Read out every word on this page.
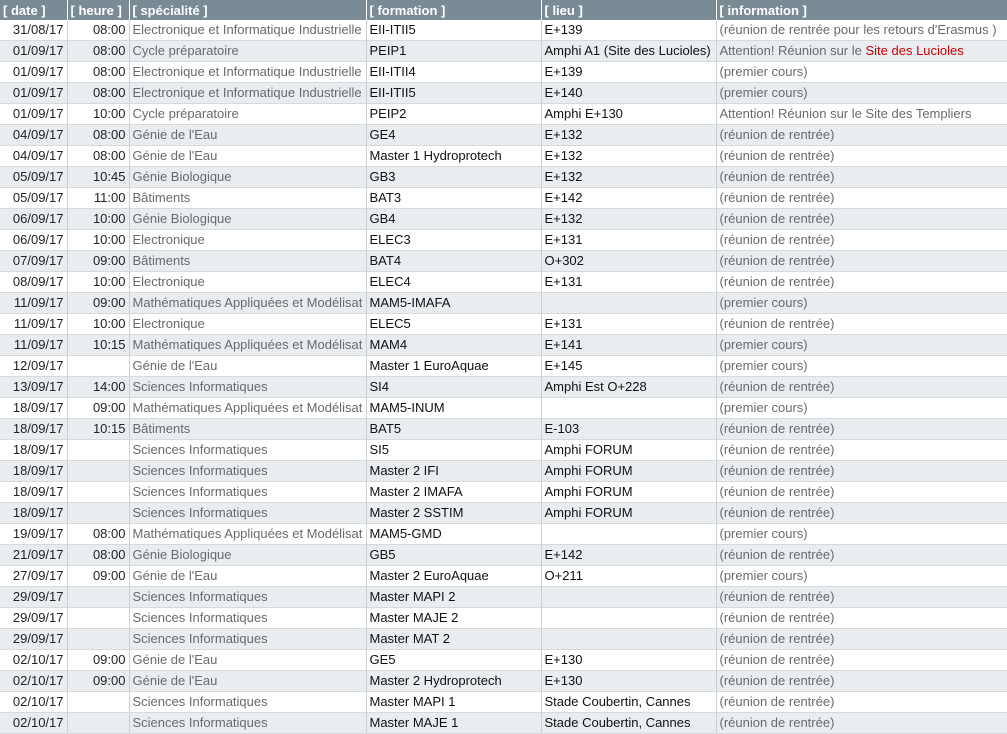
[ date ]	[ heure ]	[ spécialité ]	[ formation ]	[ lieu ]	[ information ]
31/08/17	08:00	Electronique et Informatique Industrielle	EII-ITII5	E+139	(réunion de rentrée pour les retours d'Erasmus )
01/09/17	08:00	Cycle préparatoire	PEIP1	Amphi A1 (Site des Lucioles)	Attention! Réunion sur le Site des Lucioles
01/09/17	08:00	Electronique et Informatique Industrielle	EII-ITII4	E+139	(premier cours)
01/09/17	08:00	Electronique et Informatique Industrielle	EII-ITII5	E+140	(premier cours)
01/09/17	10:00	Cycle préparatoire	PEIP2	Amphi E+130	Attention! Réunion sur le Site des Templiers
04/09/17	08:00	Génie de l'Eau	GE4	E+132	(réunion de rentrée)
04/09/17	08:00	Génie de l'Eau	Master 1 Hydroprotech	E+132	(réunion de rentrée)
05/09/17	10:45	Génie Biologique	GB3	E+132	(réunion de rentrée)
05/09/17	11:00	Bâtiments	BAT3	E+142	(réunion de rentrée)
06/09/17	10:00	Génie Biologique	GB4	E+132	(réunion de rentrée)
06/09/17	10:00	Electronique	ELEC3	E+131	(réunion de rentrée)
07/09/17	09:00	Bâtiments	BAT4	O+302	(réunion de rentrée)
08/09/17	10:00	Electronique	ELEC4	E+131	(réunion de rentrée)
11/09/17	09:00	Mathématiques Appliquées et Modélisat	MAM5-IMAFA		(premier cours)
11/09/17	10:00	Electronique	ELEC5	E+131	(réunion de rentrée)
11/09/17	10:15	Mathématiques Appliquées et Modélisat	MAM4	E+141	(premier cours)
12/09/17		Génie de l'Eau	Master 1 EuroAquae	E+145	(premier cours)
13/09/17	14:00	Sciences Informatiques	SI4	Amphi Est O+228	(réunion de rentrée)
18/09/17	09:00	Mathématiques Appliquées et Modélisat	MAM5-INUM		(premier cours)
18/09/17	10:15	Bâtiments	BAT5	E-103	(réunion de rentrée)
18/09/17		Sciences Informatiques	SI5	Amphi FORUM	(réunion de rentrée)
18/09/17		Sciences Informatiques	Master 2 IFI	Amphi FORUM	(réunion de rentrée)
18/09/17		Sciences Informatiques	Master 2 IMAFA	Amphi FORUM	(réunion de rentrée)
18/09/17		Sciences Informatiques	Master 2 SSTIM	Amphi FORUM	(réunion de rentrée)
19/09/17	08:00	Mathématiques Appliquées et Modélisat	MAM5-GMD		(premier cours)
21/09/17	08:00	Génie Biologique	GB5	E+142	(réunion de rentrée)
27/09/17	09:00	Génie de l'Eau	Master 2 EuroAquae	O+211	(premier cours)
29/09/17		Sciences Informatiques	Master MAPI 2		(réunion de rentrée)
29/09/17		Sciences Informatiques	Master MAJE 2		(réunion de rentrée)
29/09/17		Sciences Informatiques	Master MAT 2		(réunion de rentrée)
02/10/17	09:00	Génie de l'Eau	GE5	E+130	(réunion de rentrée)
02/10/17	09:00	Génie de l'Eau	Master 2 Hydroprotech	E+130	(réunion de rentrée)
02/10/17		Sciences Informatiques	Master MAPI 1	Stade Coubertin, Cannes	(réunion de rentrée)
02/10/17		Sciences Informatiques	Master MAJE 1	Stade Coubertin, Cannes	(réunion de rentrée)
